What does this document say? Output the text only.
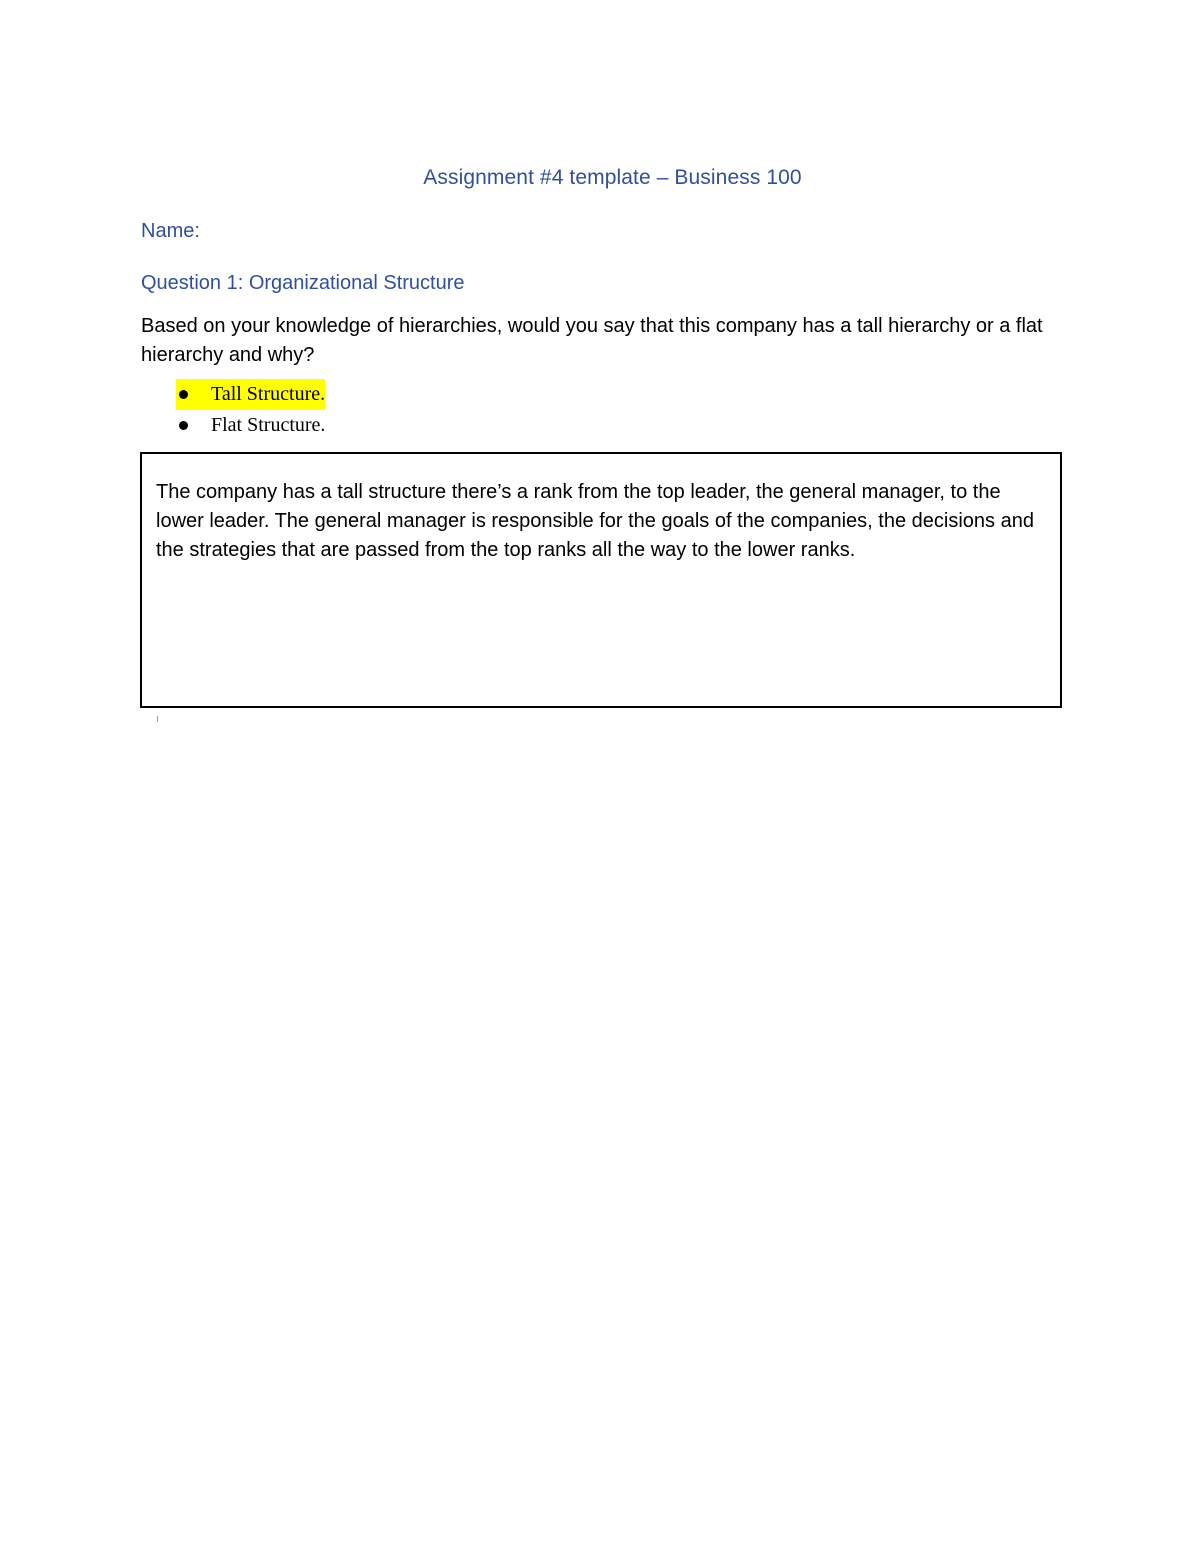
Assignment #4 template – Business 100
Name:
Question 1: Organizational Structure
Based on your knowledge of hierarchies, would you say that this company has a tall hierarchy or a flat hierarchy and why?
Tall Structure.
Flat Structure.
The company has a tall structure there’s a rank from the top leader, the general manager, to the lower leader. The general manager is responsible for the goals of the companies, the decisions and the strategies that are passed from the top ranks all the way to the lower ranks.
